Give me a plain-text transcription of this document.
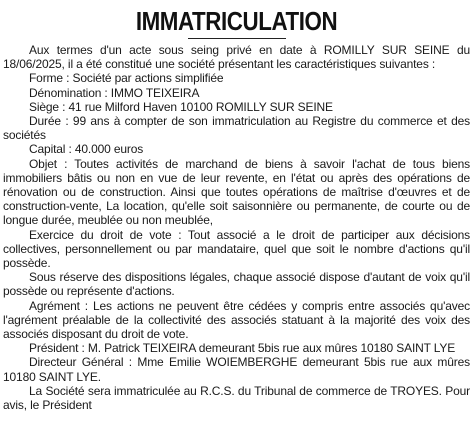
IMMATRICULATION

Aux termes d'un acte sous seing privé en date à ROMILLY SUR SEINE du 18/06/2025, il a été constitué une société présentant les caractéristiques suivantes :

Forme : Société par actions simplifiée

Dénomination : IMMO TEIXEIRA

Siège : 41 rue Milford Haven 10100 ROMILLY SUR SEINE

Durée : 99 ans à compter de son immatriculation au Registre du commerce et des sociétés

Capital : 40.000 euros

Objet : Toutes activités de marchand de biens à savoir l'achat de tous biens immobiliers bâtis ou non en vue de leur revente, en l'état ou après des opérations de rénovation ou de construction. Ainsi que toutes opérations de maîtrise d'œuvres et de construction-vente, La location, qu'elle soit saisonnière ou permanente, de courte ou de longue durée, meublée ou non meublée,

Exercice du droit de vote : Tout associé a le droit de participer aux décisions collectives, personnellement ou par mandataire, quel que soit le nombre d'actions qu'il possède.

Sous réserve des dispositions légales, chaque associé dispose d'autant de voix qu'il possède ou représente d'actions.

Agrément : Les actions ne peuvent être cédées y compris entre associés qu'avec l'agrément préalable de la collectivité des associés statuant à la majorité des voix des associés disposant du droit de vote.

Président : M. Patrick TEIXEIRA demeurant 5bis rue aux mûres 10180 SAINT LYE

Directeur Général : Mme Emilie WOIEMBERGHE demeurant 5bis rue aux mûres 10180 SAINT LYE.

La Société sera immatriculée au R.C.S. du Tribunal de commerce de TROYES. Pour avis, le Président
